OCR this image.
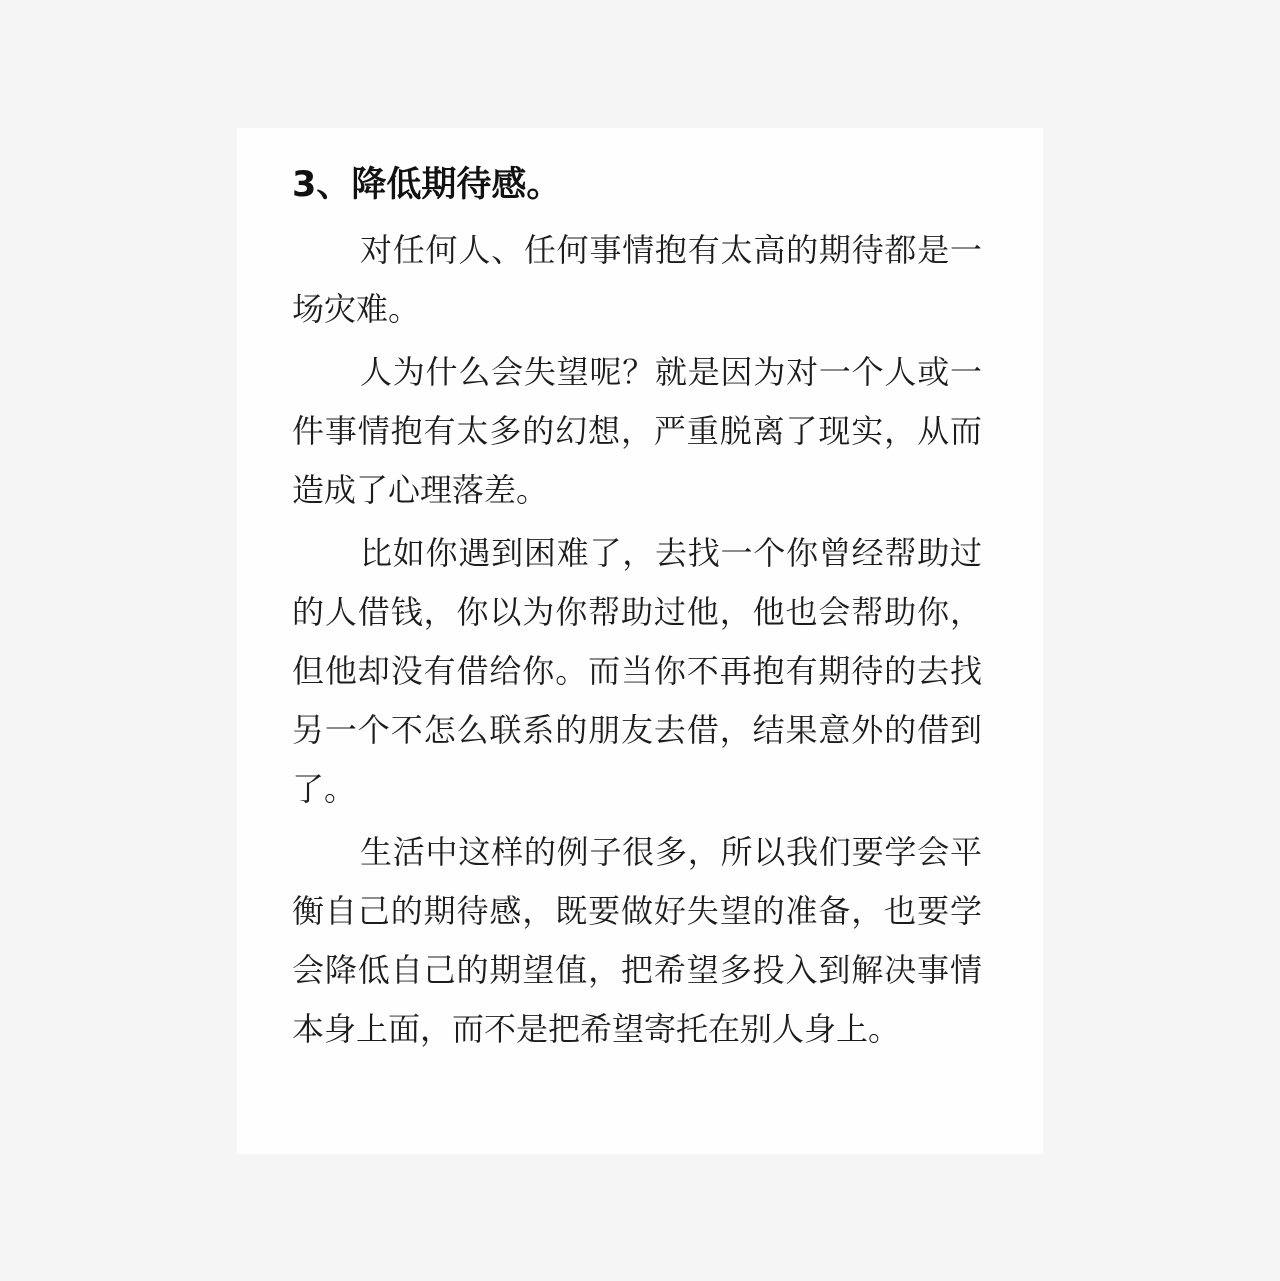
3、降低期待感。

对任何人、任何事情抱有太高的期待都是一场灾难。

人为什么会失望呢？就是因为对一个人或一件事情抱有太多的幻想，严重脱离了现实，从而造成了心理落差。

比如你遇到困难了，去找一个你曾经帮助过的人借钱，你以为你帮助过他，他也会帮助你，但他却没有借给你。而当你不再抱有期待的去找另一个不怎么联系的朋友去借，结果意外的借到了。

生活中这样的例子很多，所以我们要学会平衡自己的期待感，既要做好失望的准备，也要学会降低自己的期望值，把希望多投入到解决事情本身上面，而不是把希望寄托在别人身上。
